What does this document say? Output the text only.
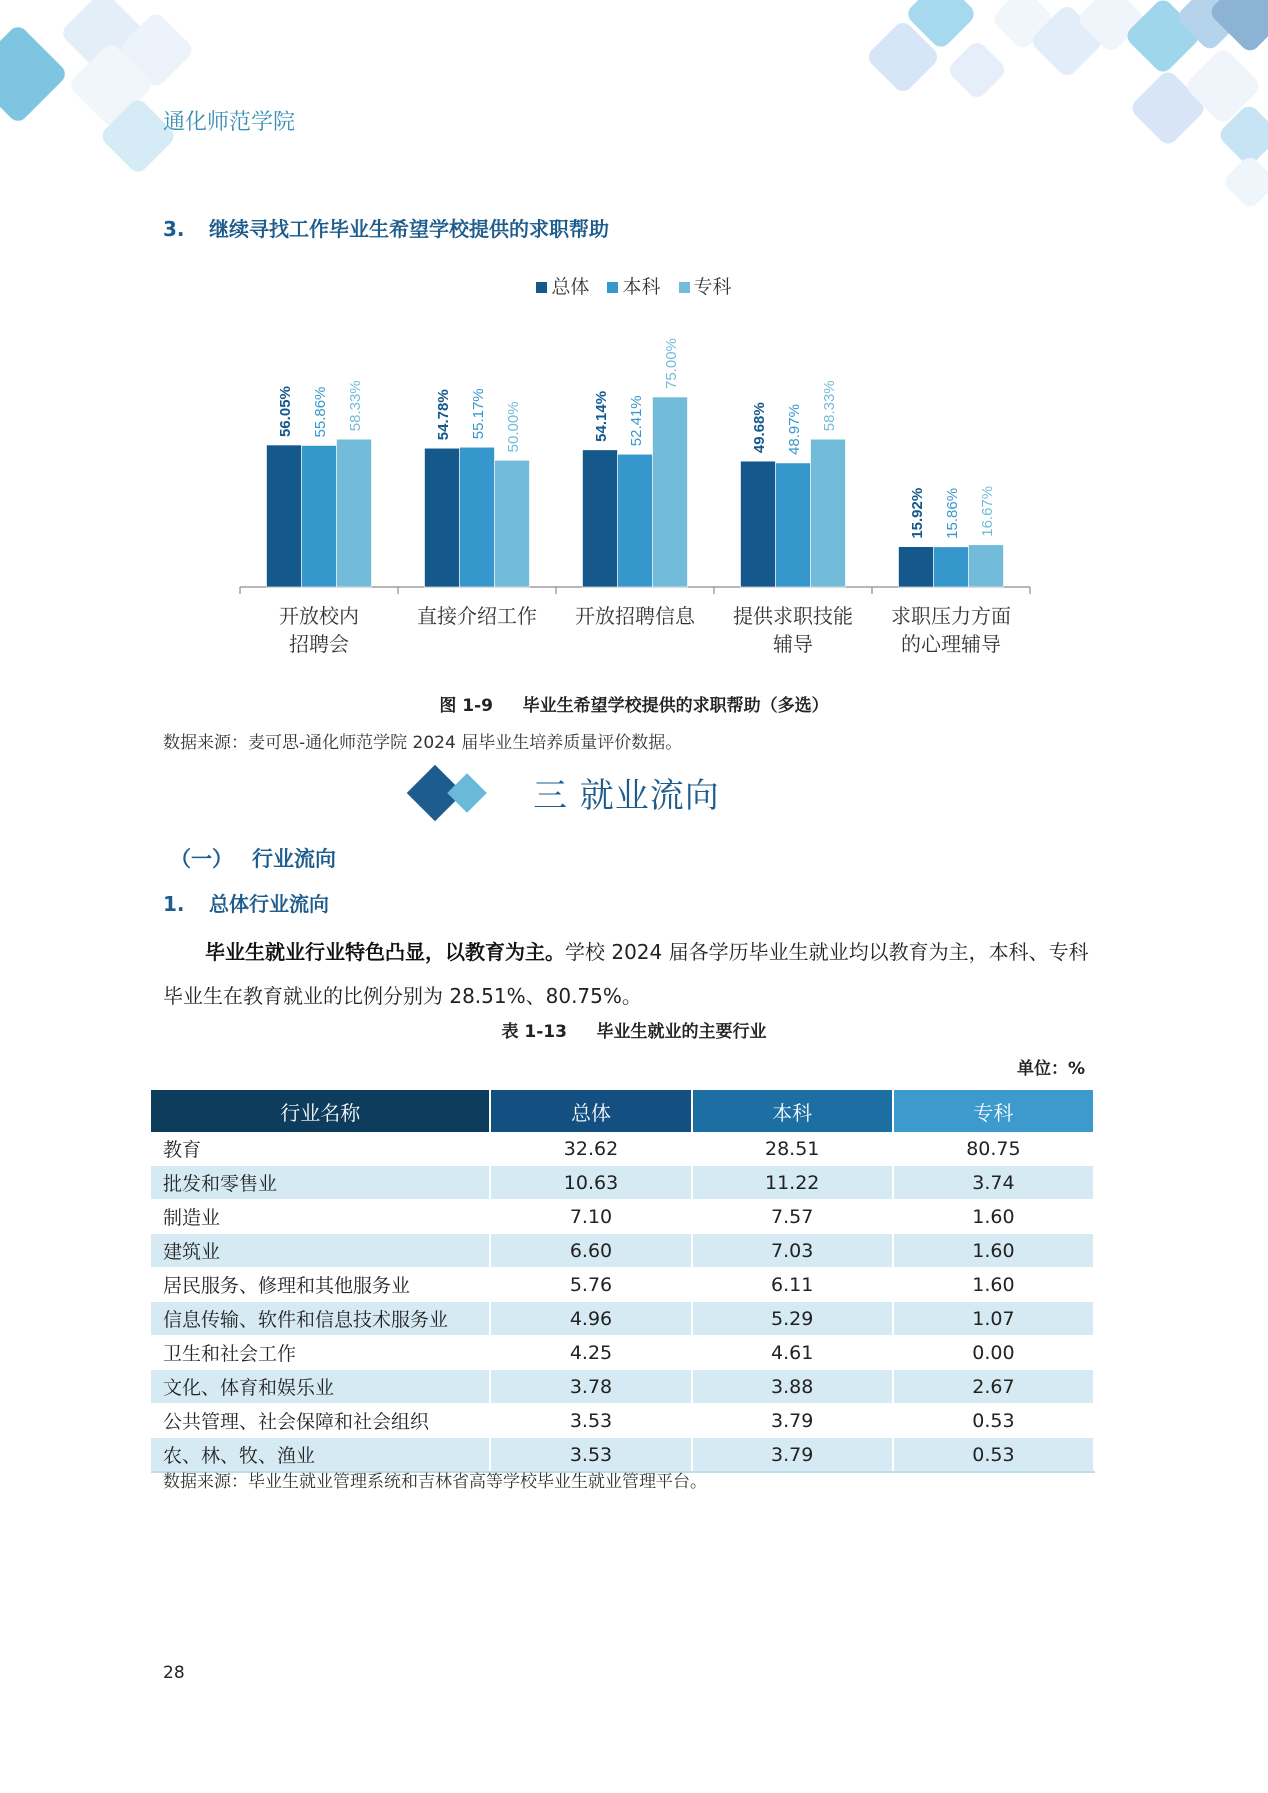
通化师范学院
3. 继续寻找工作毕业生希望学校提供的求职帮助
总体 本科 专科
56.05% 55.86% 58.33%
开放校内
招聘会
54.78% 55.17% 50.00%
直接介绍工作
54.14% 52.41%
75.00%
开放招聘信息
49.68% 48.97% 58.33%
提供求职技能
辅导
15.92% 15.86% 16.67%
求职压力方面
的心理辅导
图 1-9 毕业生希望学校提供的求职帮助（多选）
数据来源：麦可思-通化师范学院 2024 届毕业生培养质量评价数据。
三 就业流向
（一） 行业流向
1. 总体行业流向
毕业生就业行业特色凸显，以教育为主。学校 2024 届各学历毕业生就业均以教育为主，本科、专科毕业生在教育就业的比例分别为 28.51%、80.75%。
表 1-13 毕业生就业的主要行业
单位：%
行业名称	总体	本科	专科
教育	32.62	28.51	80.75
批发和零售业	10.63	11.22	3.74
制造业	7.10	7.57	1.60
建筑业	6.60	7.03	1.60
居民服务、修理和其他服务业	5.76	6.11	1.60
信息传输、软件和信息技术服务业	4.96	5.29	1.07
卫生和社会工作	4.25	4.61	0.00
文化、体育和娱乐业	3.78	3.88	2.67
公共管理、社会保障和社会组织	3.53	3.79	0.53
农、林、牧、渔业	3.53	3.79	0.53
数据来源：毕业生就业管理系统和吉林省高等学校毕业生就业管理平台。
28
